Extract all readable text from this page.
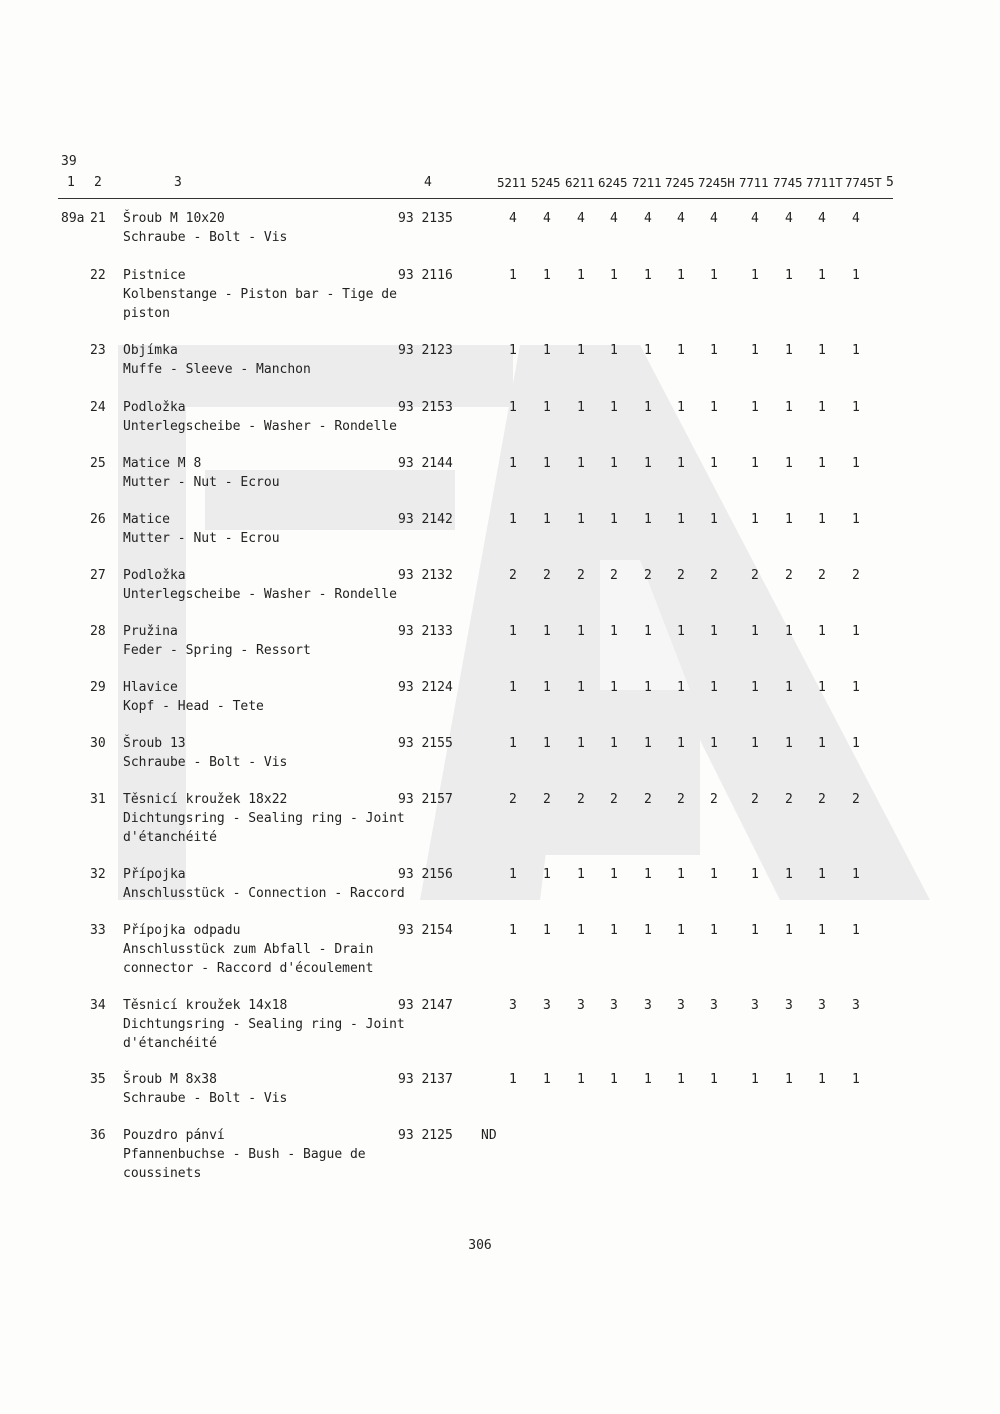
39
1 2	3	4	5211 5245 6211 6245 7211 7245 7245H 7711 7745 7711T 7745T 5
89a 21 Šroub M 10x20
Schraube - Bolt - Vis
93 2135	4 4 4 4 4 4 4	4 4 4 4
22 Pistnice
Kolbenstange - Piston bar - Tige de
piston
93 2116	1 1 1 1 1 1 1	1 1 1 1
23 Objímka
Muffe - Sleeve - Manchon
93 2123	1 1 1 1 1 1 1	1 1 1 1
24 Podložka
Unterlegscheibe - Washer - Rondelle
93 2153	1 1 1 1 1 1 1	1 1 1 1
25 Matice M 8
Mutter - Nut - Ecrou
93 2144	1 1 1 1 1 1 1	1 1 1 1
26 Matice
Mutter - Nut - Ecrou
93 2142	1 1 1 1 1 1 1	1 1 1 1
27 Podložka
Unterlegscheibe - Washer - Rondelle
93 2132	2 2 2 2 2 2 2	2 2 2 2
28 Pružina
Feder - Spring - Ressort
93 2133	1 1 1 1 1 1 1	1 1 1 1
29 Hlavice
Kopf - Head - Tete
93 2124	1 1 1 1 1 1 1	1 1 1 1
30 Šroub 13
Schraube - Bolt - Vis
93 2155	1 1 1 1 1 1 1	1 1 1 1
31 Těsnicí kroužek 18x22
Dichtungsring - Sealing ring - Joint
d'étanchéité
93 2157	2 2 2 2 2 2 2	2 2 2 2
32 Přípojka
Anschlusstück - Connection - Raccord
93 2156	1 1 1 1 1 1 1	1 1 1 1
33 Přípojka odpadu
Anschlusstück zum Abfall - Drain
connector - Raccord d'écoulement
93 2154	1 1 1 1 1 1 1	1 1 1 1
34 Těsnicí kroužek 14x18
Dichtungsring - Sealing ring - Joint
d'étanchéité
93 2147	3 3 3 3 3 3 3	3 3 3 3
35 Šroub M 8x38
Schraube - Bolt - Vis
93 2137	1 1 1 1 1 1 1	1 1 1 1
36 Pouzdro pánví
Pfannenbuchse - Bush - Bague de
coussinets
93 2125 ND
306
